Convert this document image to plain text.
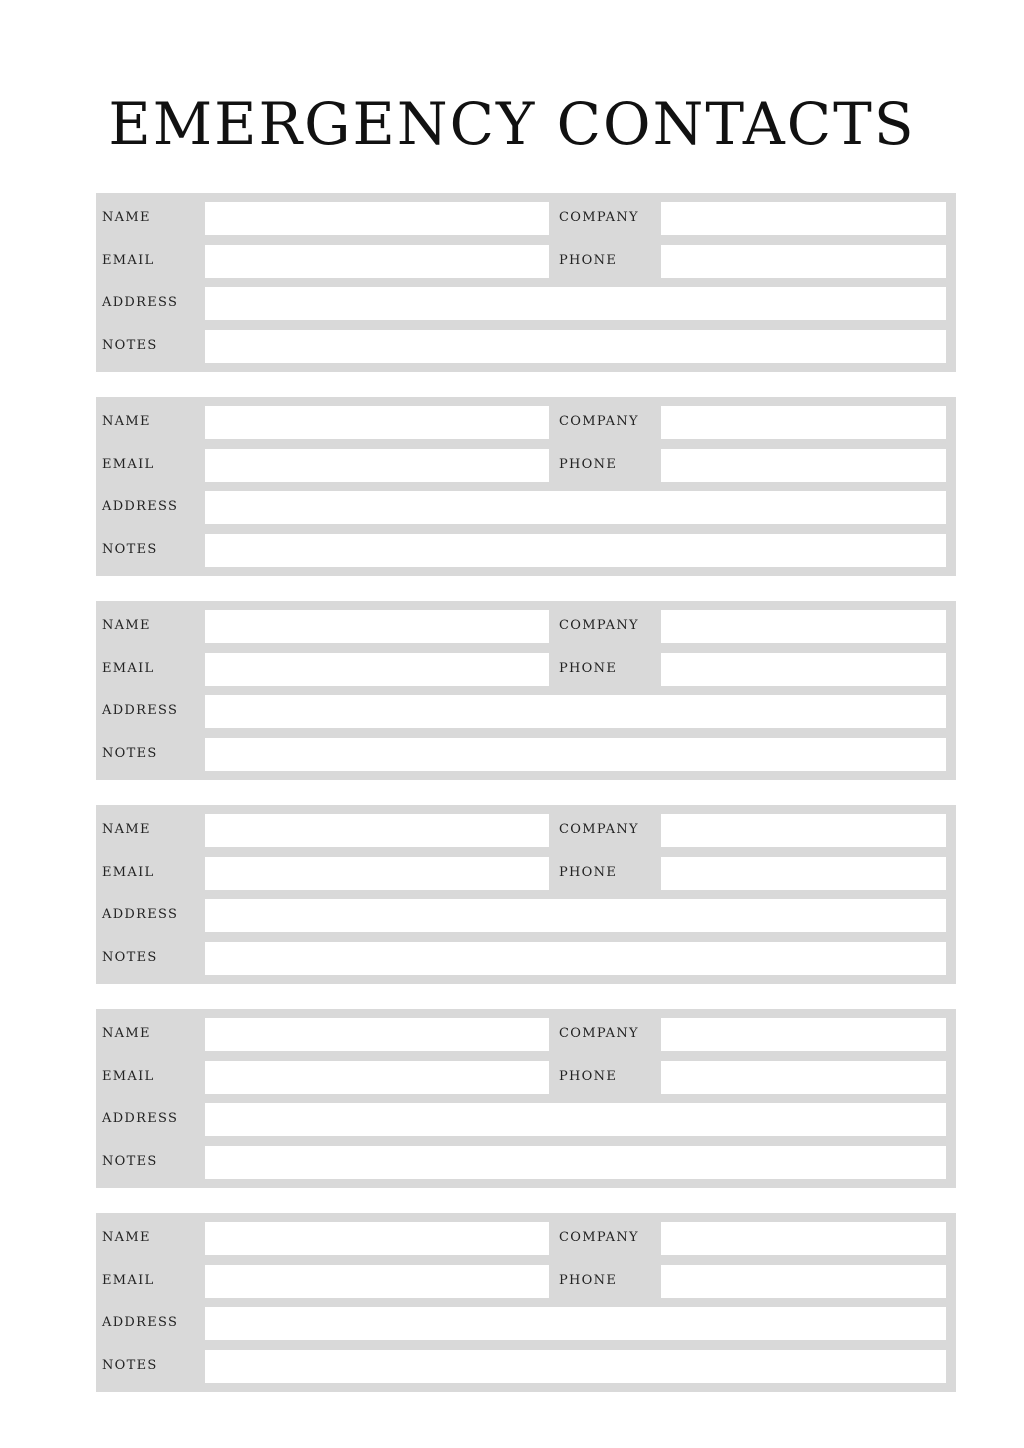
EMERGENCY CONTACTS
NAME	COMPANY
EMAIL	PHONE
ADDRESS
NOTES
NAME	COMPANY
EMAIL	PHONE
ADDRESS
NOTES
NAME	COMPANY
EMAIL	PHONE
ADDRESS
NOTES
NAME	COMPANY
EMAIL	PHONE
ADDRESS
NOTES
NAME	COMPANY
EMAIL	PHONE
ADDRESS
NOTES
NAME	COMPANY
EMAIL	PHONE
ADDRESS
NOTES
